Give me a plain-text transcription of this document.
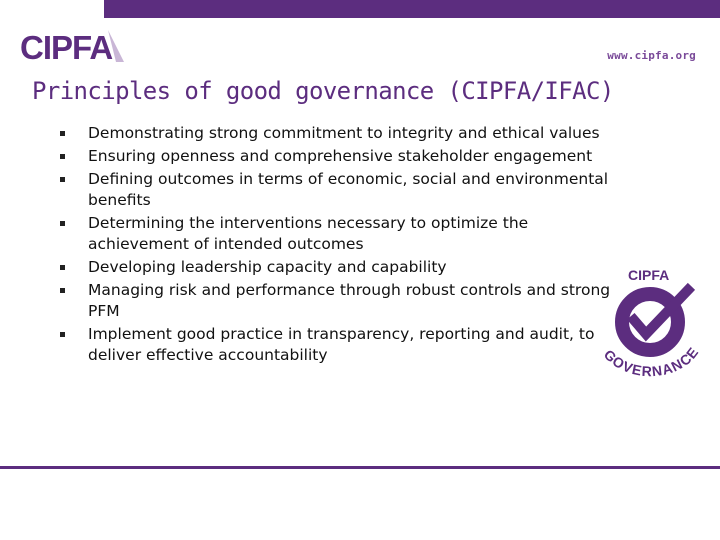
CIPFA	www.cipfa.org
Principles of good governance (CIPFA/IFAC)
Demonstrating strong commitment to integrity and ethical values
Ensuring openness and comprehensive stakeholder engagement
Defining outcomes in terms of economic, social and environmental benefits
Determining the interventions necessary to optimize the achievement of intended outcomes
Developing leadership capacity and capability
Managing risk and performance through robust controls and strong PFM
Implement good practice in transparency, reporting and audit, to deliver effective accountability
CIPFA
GOVERNANCE
